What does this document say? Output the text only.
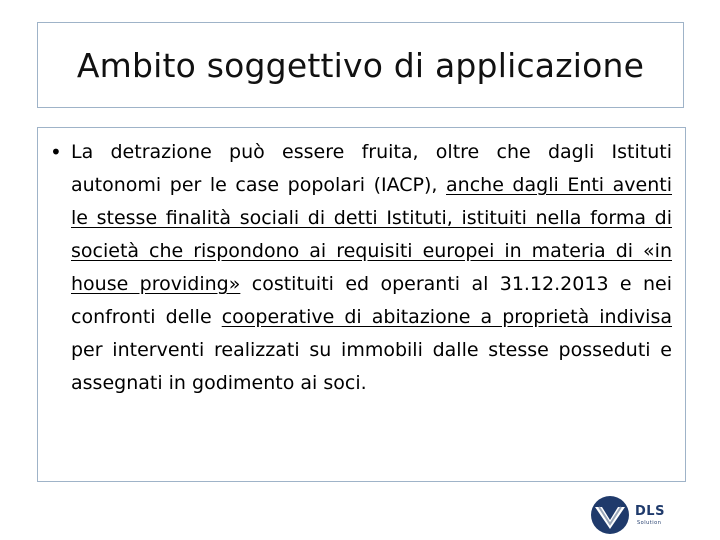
Ambito soggettivo di applicazione
• La detrazione può essere fruita, oltre che dagli Istituti autonomi per le case popolari (IACP), anche dagli Enti aventi le stesse finalità sociali di detti Istituti, istituiti nella forma di società che rispondono ai requisiti europei in materia di «in house providing» costituiti ed operanti al 31.12.2013 e nei confronti delle cooperative di abitazione a proprietà indivisa per interventi realizzati su immobili dalle stesse posseduti e assegnati in godimento ai soci.
DLS
Solution
